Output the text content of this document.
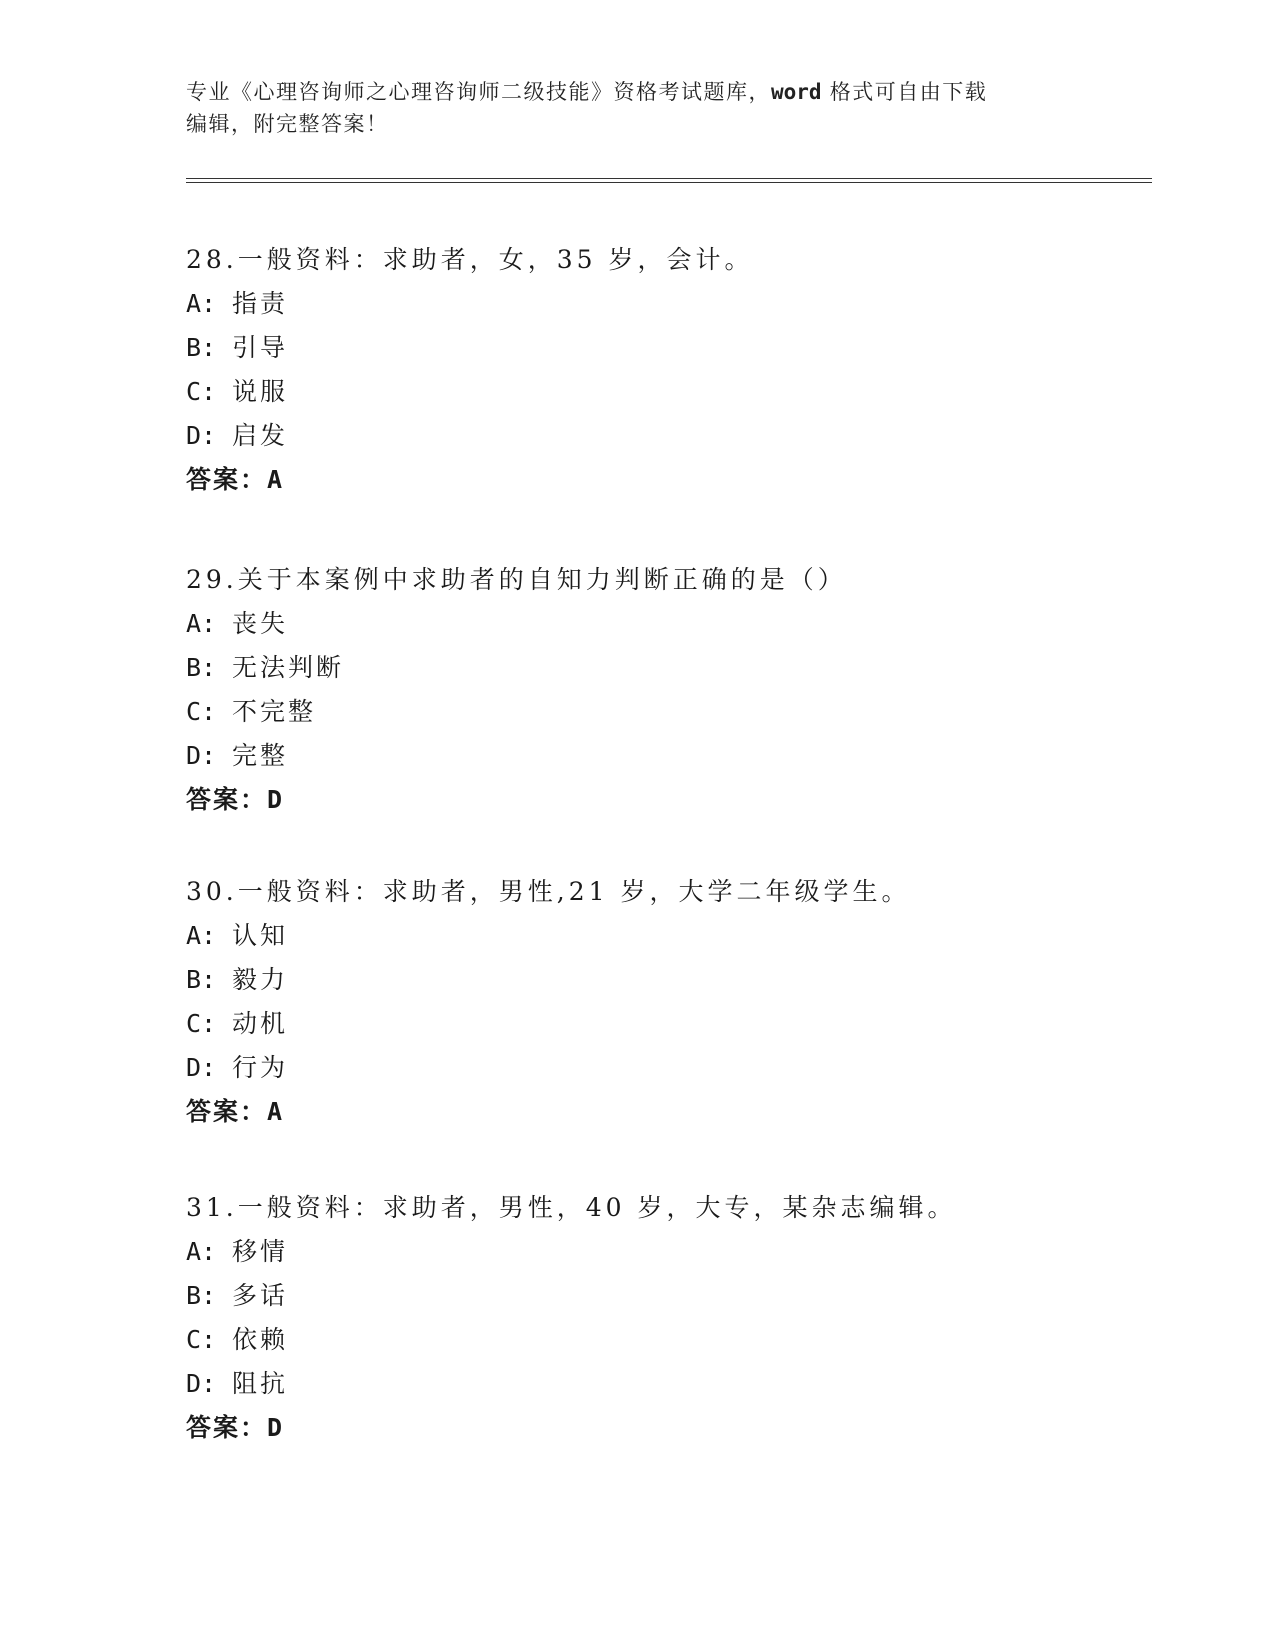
专业《心理咨询师之心理咨询师二级技能》资格考试题库，word 格式可自由下载
编辑，附完整答案！
28.一般资料：求助者，女，35 岁，会计。
A: 指责
B: 引导
C: 说服
D: 启发
答案：A
29.关于本案例中求助者的自知力判断正确的是（）
A: 丧失
B: 无法判断
C: 不完整
D: 完整
答案：D
30.一般资料：求助者，男性,21 岁，大学二年级学生。
A: 认知
B: 毅力
C: 动机
D: 行为
答案：A
31.一般资料：求助者，男性，40 岁，大专，某杂志编辑。
A: 移情
B: 多话
C: 依赖
D: 阻抗
答案：D
